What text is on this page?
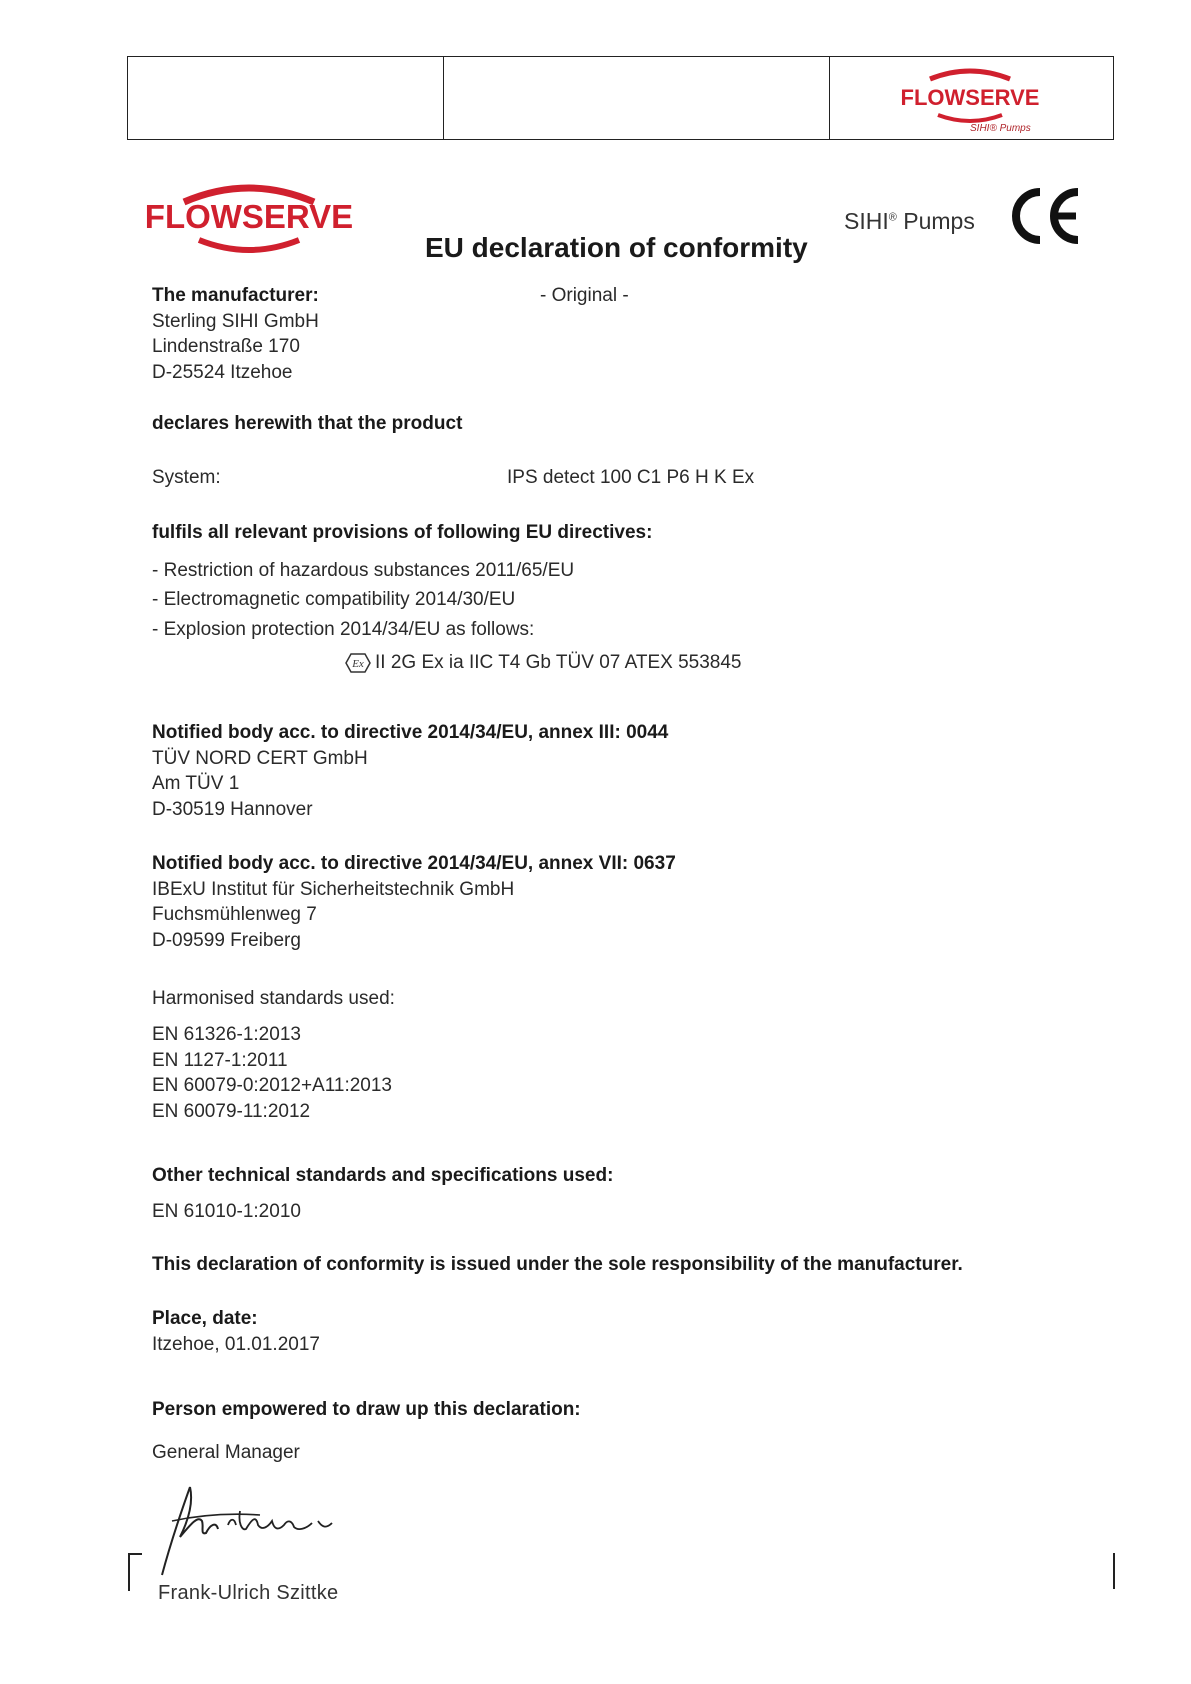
FLOWSERVE
SIHI® Pumps
FLOWSERVE
EU declaration of conformity
SIHI® Pumps
CE
The manufacturer:
Sterling SIHI GmbH
Lindenstraße 170
D-25524 Itzehoe
- Original -
declares herewith that the product
System:	IPS detect 100 C1 P6 H K Ex
fulfils all relevant provisions of following EU directives:
- Restriction of hazardous substances 2011/65/EU
- Electromagnetic compatibility 2014/30/EU
- Explosion protection 2014/34/EU as follows:
Ex II 2G Ex ia IIC T4 Gb TÜV 07 ATEX 553845
Notified body acc. to directive 2014/34/EU, annex III: 0044
TÜV NORD CERT GmbH
Am TÜV 1
D-30519 Hannover
Notified body acc. to directive 2014/34/EU, annex VII: 0637
IBExU Institut für Sicherheitstechnik GmbH
Fuchsmühlenweg 7
D-09599 Freiberg
Harmonised standards used:
EN 61326-1:2013
EN 1127-1:2011
EN 60079-0:2012+A11:2013
EN 60079-11:2012
Other technical standards and specifications used:
EN 61010-1:2010
This declaration of conformity is issued under the sole responsibility of the manufacturer.
Place, date:
Itzehoe, 01.01.2017
Person empowered to draw up this declaration:
General Manager
Frank-Ulrich Szittke
